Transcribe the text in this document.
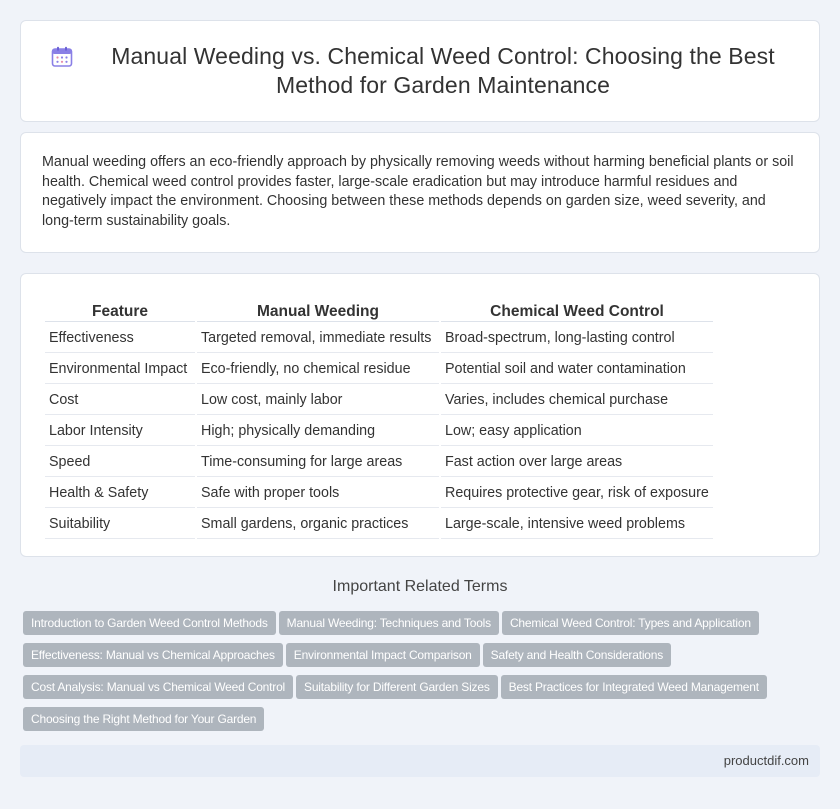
Manual Weeding vs. Chemical Weed Control: Choosing the Best Method for Garden Maintenance

Manual weeding offers an eco-friendly approach by physically removing weeds without harming beneficial plants or soil health. Chemical weed control provides faster, large-scale eradication but may introduce harmful residues and negatively impact the environment. Choosing between these methods depends on garden size, weed severity, and long-term sustainability goals.

Feature	Manual Weeding	Chemical Weed Control
Effectiveness	Targeted removal, immediate results	Broad-spectrum, long-lasting control
Environmental Impact	Eco-friendly, no chemical residue	Potential soil and water contamination
Cost	Low cost, mainly labor	Varies, includes chemical purchase
Labor Intensity	High; physically demanding	Low; easy application
Speed	Time-consuming for large areas	Fast action over large areas
Health & Safety	Safe with proper tools	Requires protective gear, risk of exposure
Suitability	Small gardens, organic practices	Large-scale, intensive weed problems
Important Related Terms
Introduction to Garden Weed Control Methods Manual Weeding: Techniques and Tools Chemical Weed Control: Types and ApplicationEffectiveness: Manual vs Chemical Approaches Environmental Impact Comparison Safety and Health ConsiderationsCost Analysis: Manual vs Chemical Weed Control Suitability for Different Garden Sizes Best Practices for Integrated Weed ManagementChoosing the Right Method for Your Garden
productdif.com
